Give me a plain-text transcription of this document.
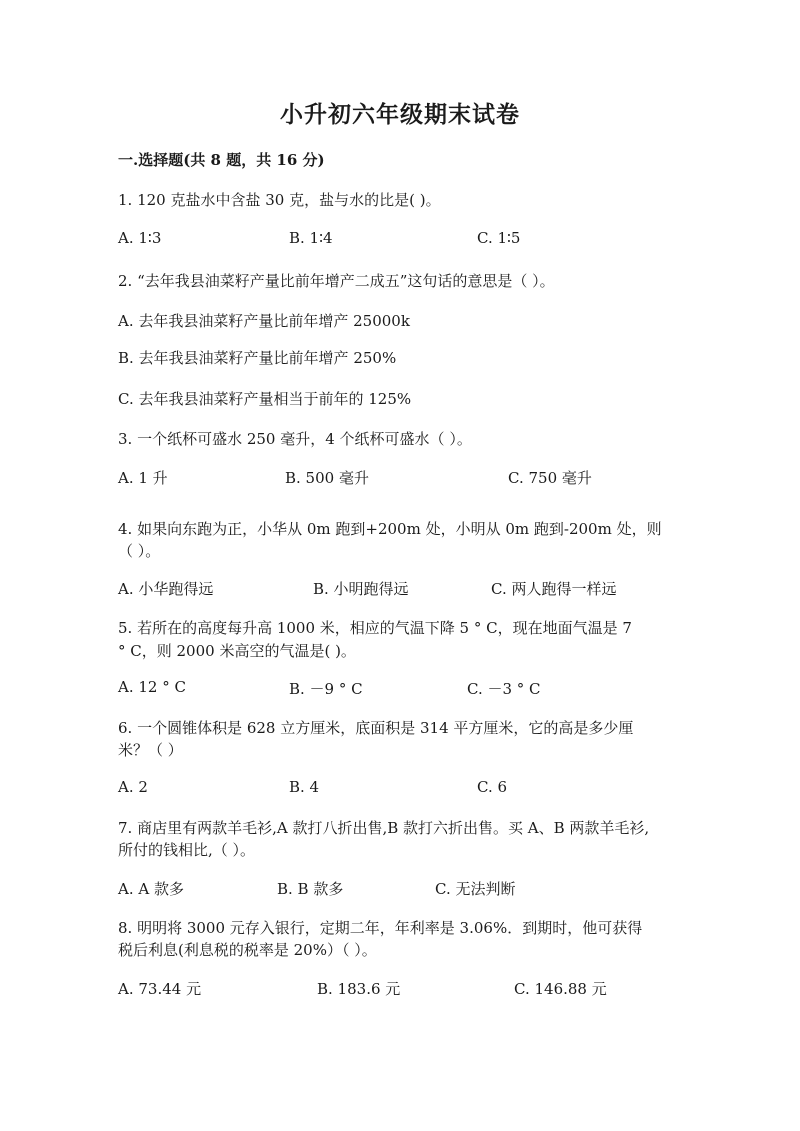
小升初六年级期末试卷
一.选择题(共 8 题，共 16 分)
1. 120 克盐水中含盐 30 克，盐与水的比是( )。
A. 1∶3	B. 1∶4	C. 1∶5
2. “去年我县油菜籽产量比前年增产二成五”这句话的意思是（ ）。
A. 去年我县油菜籽产量比前年增产 25000k
B. 去年我县油菜籽产量比前年增产 250%
C. 去年我县油菜籽产量相当于前年的 125%
3. 一个纸杯可盛水 250 毫升，4 个纸杯可盛水（ ）。
A. 1 升	B. 500 毫升	C. 750 毫升
4. 如果向东跑为正，小华从 0m 跑到+200m 处，小明从 0m 跑到-200m 处，则
（ ）。
A. 小华跑得远	B. 小明跑得远	C. 两人跑得一样远
5. 若所在的高度每升高 1000 米，相应的气温下降 5 ° C，现在地面气温是 7
° C，则 2000 米高空的气温是( )。
A. 12 ° C	B. －9 ° C	C. －3 ° C
6. 一个圆锥体积是 628 立方厘米，底面积是 314 平方厘米，它的高是多少厘
米？（ ）
A. 2	B. 4	C. 6
7. 商店里有两款羊毛衫,A 款打八折出售,B 款打六折出售。买 A、B 两款羊毛衫,
所付的钱相比,（ ）。
A. A 款多	B. B 款多	C. 无法判断
8. 明明将 3000 元存入银行，定期二年，年利率是 3.06%．到期时，他可获得
税后利息(利息税的税率是 20%）（ ）。
A. 73.44 元	B. 183.6 元	C. 146.88 元
